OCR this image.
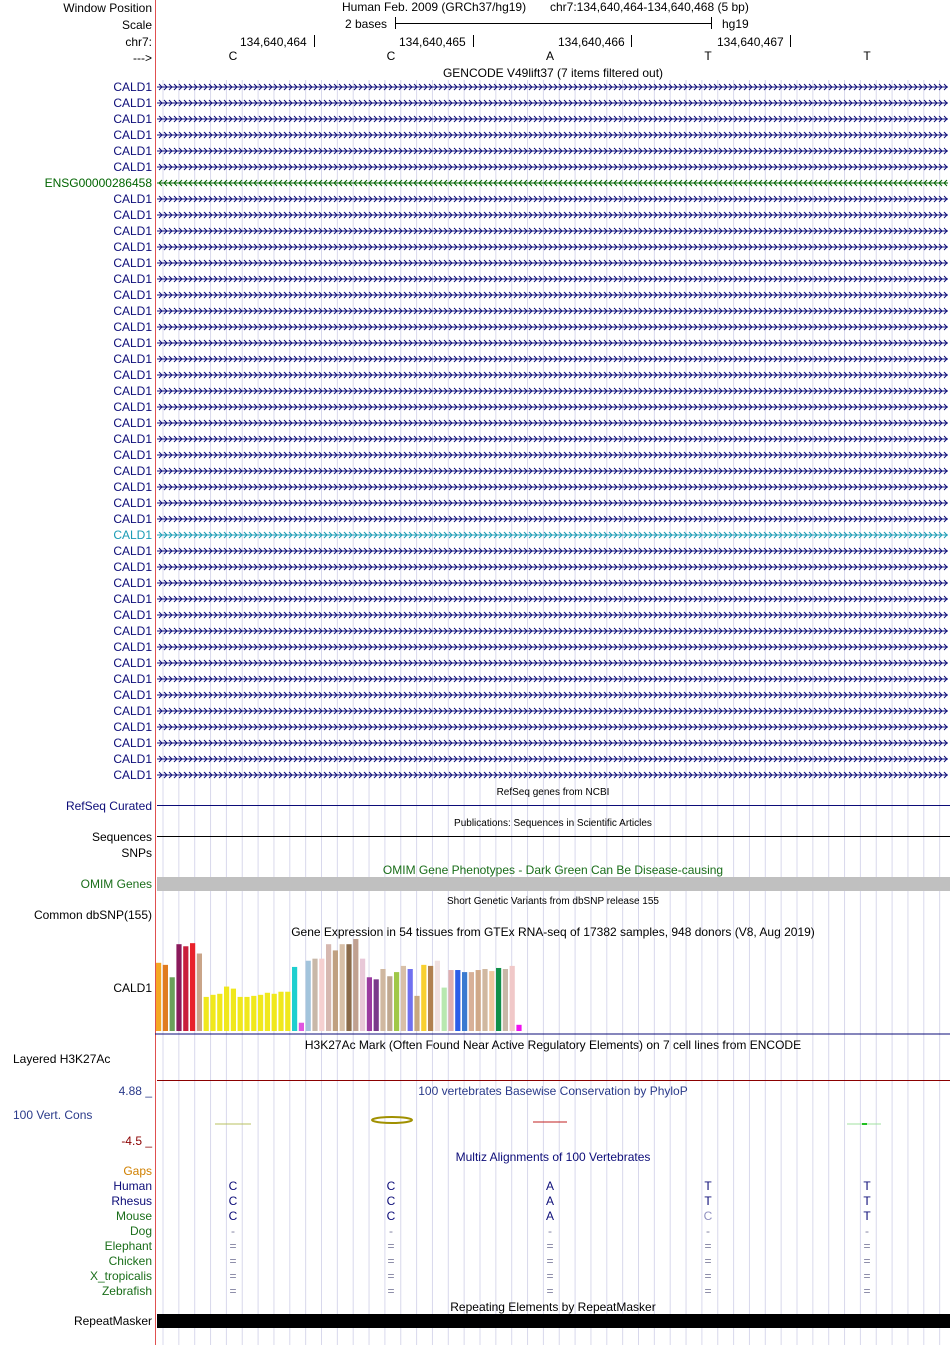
Window Position
Scale
chr7:
--->
Human Feb. 2009 (GRCh37/hg19) chr7:134,640,464-134,640,468 (5 bp)
2 bases	hg19
134,640,464	134,640,465	134,640,466	134,640,467
C	C	A	T	T
GENCODE V49lift37 (7 items filtered out)
CALD1
CALD1
CALD1
CALD1
CALD1
CALD1
ENSG00000286458
CALD1
CALD1
CALD1
CALD1
CALD1
CALD1
CALD1
CALD1
CALD1
CALD1
CALD1
CALD1
CALD1
CALD1
CALD1
CALD1
CALD1
CALD1
CALD1
CALD1
CALD1
CALD1
CALD1
CALD1
CALD1
CALD1
CALD1
CALD1
CALD1
CALD1
CALD1
CALD1
CALD1
CALD1
CALD1
CALD1
CALD1
RefSeq genes from NCBI
RefSeq Curated
Publications: Sequences in Scientific Articles
Sequences
SNPs
OMIM Gene Phenotypes - Dark Green Can Be Disease-causing
OMIM Genes
Short Genetic Variants from dbSNP release 155
Common dbSNP(155)
Gene Expression in 54 tissues from GTEx RNA-seq of 17382 samples, 948 donors (V8, Aug 2019)
CALD1
H3K27Ac Mark (Often Found Near Active Regulatory Elements) on 7 cell lines from ENCODE
Layered H3K27Ac
100 vertebrates Basewise Conservation by PhyloP
4.88 _
100 Vert. Cons
-4.5 _
Multiz Alignments of 100 Vertebrates
Gaps
Human	C	C	A	T	T
Rhesus	C	C	A	T	T
Mouse	C	C	A	C	T
Dog	-	-	-	-	-
Elephant	=	=	=	=	=
Chicken	=	=	=	=	=
X_tropicalis	=	=	=	=	=
Zebrafish	=	=	=	=	=
Repeating Elements by RepeatMasker
RepeatMasker
